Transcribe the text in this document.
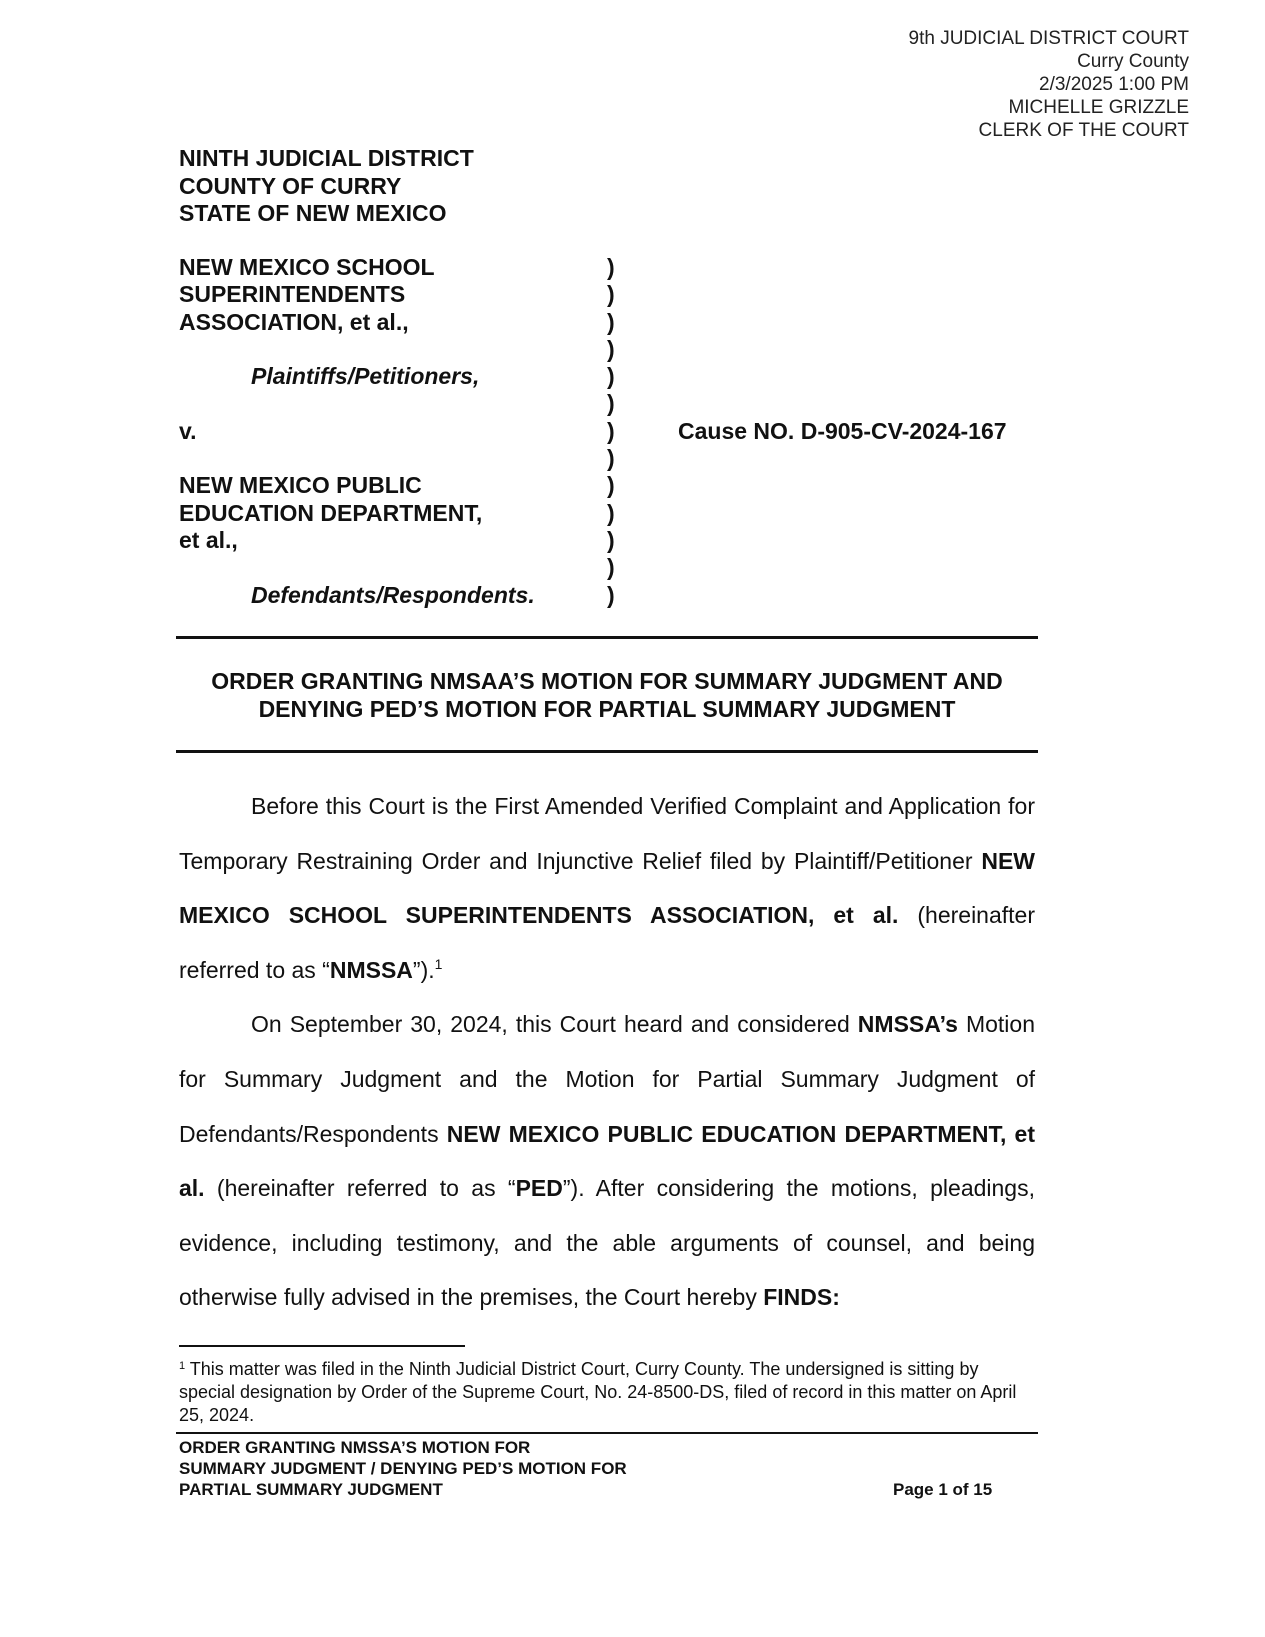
9th JUDICIAL DISTRICT COURT
Curry County
2/3/2025 1:00 PM
MICHELLE GRIZZLE
CLERK OF THE COURT
NINTH JUDICIAL DISTRICT
COUNTY OF CURRY
STATE OF NEW MEXICO
NEW MEXICO SCHOOL
SUPERINTENDENTS
ASSOCIATION, et al.,

Plaintiffs/Petitioners,

v.

NEW MEXICO PUBLIC
EDUCATION DEPARTMENT,
et al.,

Defendants/Respondents.
)
)
)
)
)
)
)
)
)
)
)
)
)
Cause NO. D-905-CV-2024-167
ORDER GRANTING NMSAA’S MOTION FOR SUMMARY JUDGMENT AND
DENYING PED’S MOTION FOR PARTIAL SUMMARY JUDGMENT

Before this Court is the First Amended Verified Complaint and Application for Temporary Restraining Order and Injunctive Relief filed by Plaintiff/Petitioner NEW MEXICO SCHOOL SUPERINTENDENTS ASSOCIATION, et al. (hereinafter referred to as “NMSSA”).$^1$

On September 30, 2024, this Court heard and considered NMSSA’s Motion for Summary Judgment and the Motion for Partial Summary Judgment of Defendants/Respondents NEW MEXICO PUBLIC EDUCATION DEPARTMENT, et al. (hereinafter referred to as “PED”). After considering the motions, pleadings, evidence, including testimony, and the able arguments of counsel, and being otherwise fully advised in the premises, the Court hereby FINDS:

$^1$ This matter was filed in the Ninth Judicial District Court, Curry County. The undersigned is sitting by special designation by Order of the Supreme Court, No. 24-8500-DS, filed of record in this matter on April 25, 2024.
ORDER GRANTING NMSSA’S MOTION FOR
SUMMARY JUDGMENT / DENYING PED’S MOTION FOR
PARTIAL SUMMARY JUDGMENT	Page 1 of 15
